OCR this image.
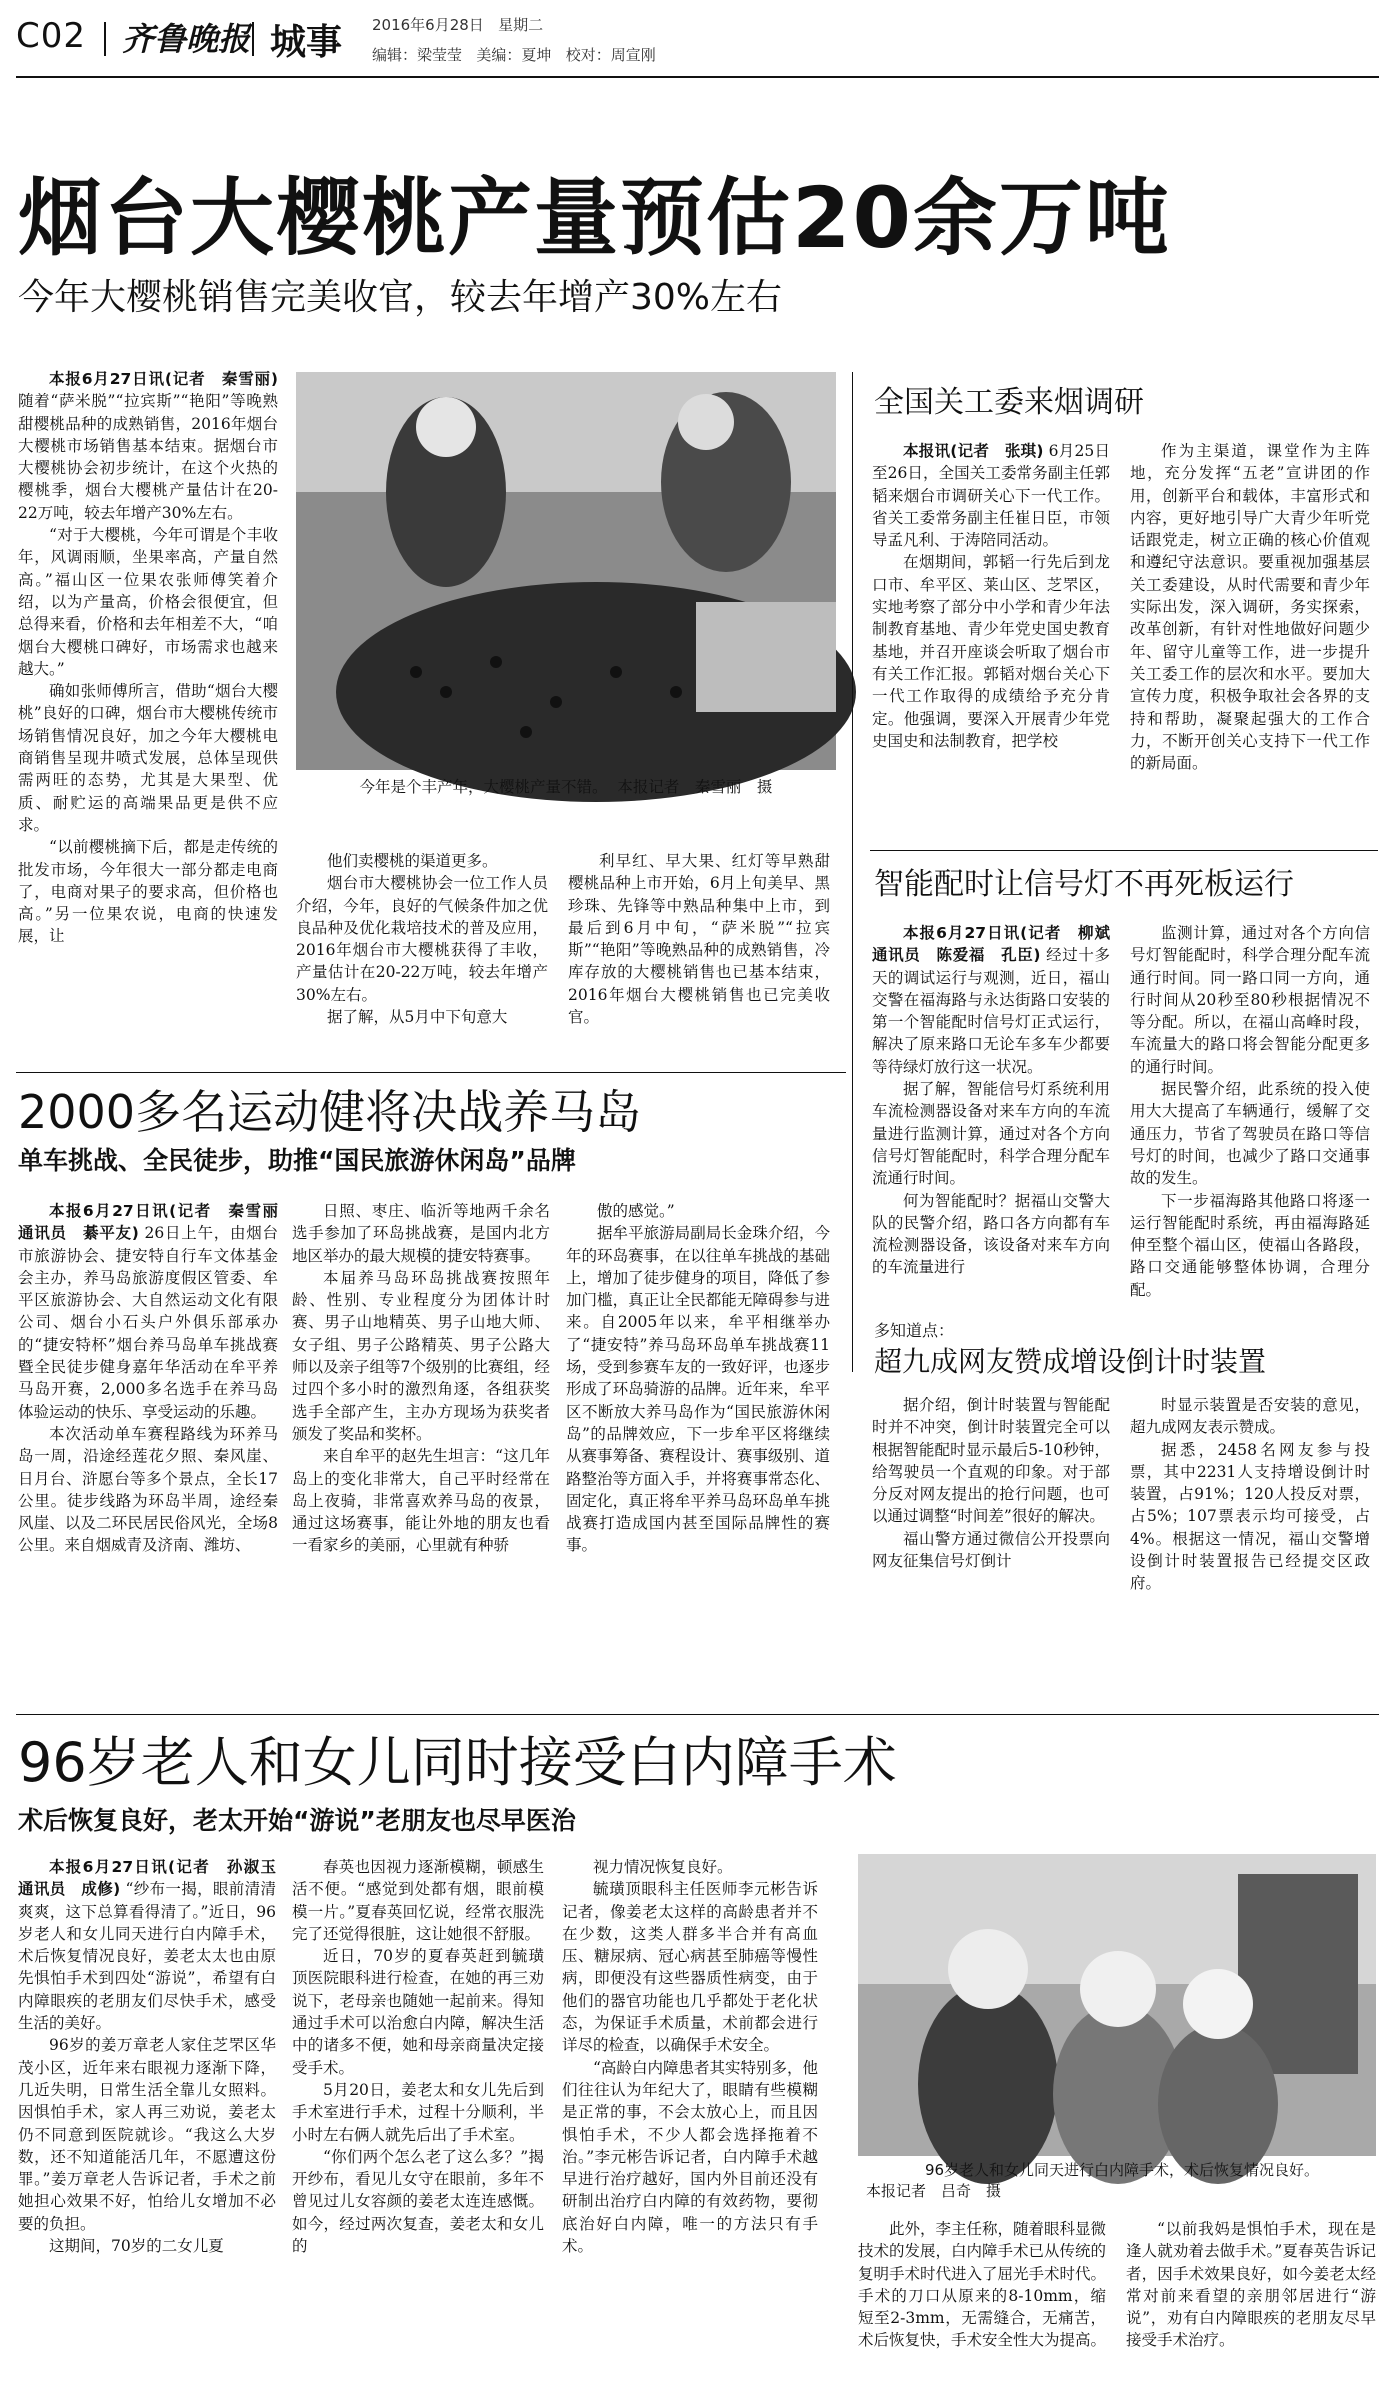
C02 齐鲁晚报 城事 2016年6月28日 星期二
编辑：梁莹莹 美编：夏坤 校对：周宣刚
烟台大樱桃产量预估20余万吨
今年大樱桃销售完美收官，较去年增产30%左右

本报6月27日讯(记者　秦雪丽) 随着“萨米脱”“拉宾斯”“艳阳”等晚熟甜樱桃品种的成熟销售，2016年烟台大樱桃市场销售基本结束。据烟台市大樱桃协会初步统计，在这个火热的樱桃季，烟台大樱桃产量估计在20-22万吨，较去年增产30%左右。

“对于大樱桃，今年可谓是个丰收年，风调雨顺，坐果率高，产量自然高。”福山区一位果农张师傅笑着介绍，以为产量高，价格会很便宜，但总得来看，价格和去年相差不大，“咱烟台大樱桃口碑好，市场需求也越来越大。”

确如张师傅所言，借助“烟台大樱桃”良好的口碑，烟台市大樱桃传统市场销售情况良好，加之今年大樱桃电商销售呈现井喷式发展，总体呈现供需两旺的态势，尤其是大果型、优质、耐贮运的高端果品更是供不应求。

“以前樱桃摘下后，都是走传统的批发市场，今年很大一部分都走电商了，电商对果子的要求高，但价格也高。”另一位果农说，电商的快速发展，让

今年是个丰产年，大樱桃产量不错。 本报记者　秦雪丽　摄

他们卖樱桃的渠道更多。

烟台市大樱桃协会一位工作人员介绍，今年，良好的气候条件加之优良品种及优化栽培技术的普及应用，2016年烟台市大樱桃获得了丰收，产量估计在20-22万吨，较去年增产30%左右。

据了解，从5月中下旬意大

利早红、早大果、红灯等早熟甜樱桃品种上市开始，6月上旬美早、黑珍珠、先锋等中熟品种集中上市，到最后到6月中旬，“萨米脱”“拉宾斯”“艳阳”等晚熟品种的成熟销售，冷库存放的大樱桃销售也已基本结束，2016年烟台大樱桃销售也已完美收官。

全国关工委来烟调研

本报讯(记者　张琪) 6月25日至26日，全国关工委常务副主任郭韬来烟台市调研关心下一代工作。省关工委常务副主任崔日臣，市领导孟凡利、于涛陪同活动。

在烟期间，郭韬一行先后到龙口市、牟平区、莱山区、芝罘区，实地考察了部分中小学和青少年法制教育基地、青少年党史国史教育基地，并召开座谈会听取了烟台市有关工作汇报。郭韬对烟台关心下一代工作取得的成绩给予充分肯定。他强调，要深入开展青少年党史国史和法制教育，把学校

作为主渠道，课堂作为主阵地，充分发挥“五老”宣讲团的作用，创新平台和载体，丰富形式和内容，更好地引导广大青少年听党话跟党走，树立正确的核心价值观和遵纪守法意识。要重视加强基层关工委建设，从时代需要和青少年实际出发，深入调研，务实探索，改革创新，有针对性地做好问题少年、留守儿童等工作，进一步提升关工委工作的层次和水平。要加大宣传力度，积极争取社会各界的支持和帮助，凝聚起强大的工作合力，不断开创关心支持下一代工作的新局面。

智能配时让信号灯不再死板运行

本报6月27日讯(记者　柳斌　通讯员　陈爱福　孔臣) 经过十多天的调试运行与观测，近日，福山交警在福海路与永达街路口安装的第一个智能配时信号灯正式运行，解决了原来路口无论车多车少都要等待绿灯放行这一状况。

据了解，智能信号灯系统利用车流检测器设备对来车方向的车流量进行监测计算，通过对各个方向信号灯智能配时，科学合理分配车流通行时间。

何为智能配时？据福山交警大队的民警介绍，路口各方向都有车流检测器设备，该设备对来车方向的车流量进行

监测计算，通过对各个方向信号灯智能配时，科学合理分配车流通行时间。同一路口同一方向，通行时间从20秒至80秒根据情况不等分配。所以，在福山高峰时段，车流量大的路口将会智能分配更多的通行时间。

据民警介绍，此系统的投入使用大大提高了车辆通行，缓解了交通压力，节省了驾驶员在路口等信号灯的时间，也减少了路口交通事故的发生。

下一步福海路其他路口将逐一运行智能配时系统，再由福海路延伸至整个福山区，使福山各路段，路口交通能够整体协调，合理分配。

多知道点：
超九成网友赞成增设倒计时装置

据介绍，倒计时装置与智能配时并不冲突，倒计时装置完全可以根据智能配时显示最后5-10秒钟，给驾驶员一个直观的印象。对于部分反对网友提出的抢行问题，也可以通过调整“时间差”很好的解决。

福山警方通过微信公开投票向网友征集信号灯倒计

时显示装置是否安装的意见，超九成网友表示赞成。

据悉，2458名网友参与投票，其中2231人支持增设倒计时装置，占91%；120人投反对票，占5%；107票表示均可接受，占4%。根据这一情况，福山交警增设倒计时装置报告已经提交区政府。

2000多名运动健将决战养马岛
单车挑战、全民徒步，助推“国民旅游休闲岛”品牌

本报6月27日讯(记者　秦雪丽　通讯员　綦平友) 26日上午，由烟台市旅游协会、捷安特自行车文体基金会主办，养马岛旅游度假区管委、牟平区旅游协会、大自然运动文化有限公司、烟台小石头户外俱乐部承办的“捷安特杯”烟台养马岛单车挑战赛暨全民徒步健身嘉年华活动在牟平养马岛开赛，2,000多名选手在养马岛体验运动的快乐、享受运动的乐趣。

本次活动单车赛程路线为环养马岛一周，沿途经莲花夕照、秦风崖、日月台、浒愿台等多个景点，全长17公里。徒步线路为环岛半周，途经秦风崖、以及二环民居民俗风光，全场8公里。来自烟威青及济南、潍坊、

日照、枣庄、临沂等地两千余名选手参加了环岛挑战赛，是国内北方地区举办的最大规模的捷安特赛事。

本届养马岛环岛挑战赛按照年龄、性别、专业程度分为团体计时赛、男子山地精英、男子山地大师、女子组、男子公路精英、男子公路大师以及亲子组等7个级别的比赛组，经过四个多小时的激烈角逐，各组获奖选手全部产生，主办方现场为获奖者颁发了奖品和奖杯。

来自牟平的赵先生坦言：“这几年岛上的变化非常大，自己平时经常在岛上夜骑，非常喜欢养马岛的夜景，通过这场赛事，能让外地的朋友也看一看家乡的美丽，心里就有种骄

傲的感觉。”

据牟平旅游局副局长金珠介绍，今年的环岛赛事，在以往单车挑战的基础上，增加了徒步健身的项目，降低了参加门槛，真正让全民都能无障碍参与进来。自2005年以来，牟平相继举办了“捷安特”养马岛环岛单车挑战赛11场，受到参赛车友的一致好评，也逐步形成了环岛骑游的品牌。近年来，牟平区不断放大养马岛作为“国民旅游休闲岛”的品牌效应，下一步牟平区将继续从赛事筹备、赛程设计、赛事级别、道路整治等方面入手，并将赛事常态化、固定化，真正将牟平养马岛环岛单车挑战赛打造成国内甚至国际品牌性的赛事。

96岁老人和女儿同时接受白内障手术
术后恢复良好，老太开始“游说”老朋友也尽早医治

本报6月27日讯(记者　孙淑玉　通讯员　成修) “纱布一揭，眼前清清爽爽，这下总算看得清了。”近日，96岁老人和女儿同天进行白内障手术，术后恢复情况良好，姜老太太也由原先惧怕手术到四处“游说”，希望有白内障眼疾的老朋友们尽快手术，感受生活的美好。

96岁的姜万章老人家住芝罘区华茂小区，近年来右眼视力逐渐下降，几近失明，日常生活全靠儿女照料。因惧怕手术，家人再三劝说，姜老太仍不同意到医院就诊。“我这么大岁数，还不知道能活几年，不愿遭这份罪。”姜万章老人告诉记者，手术之前她担心效果不好，怕给儿女增加不必要的负担。

这期间，70岁的二女儿夏

春英也因视力逐渐模糊，顿感生活不便。“感觉到处都有烟，眼前模模一片。”夏春英回忆说，经常衣服洗完了还觉得很脏，这让她很不舒服。

近日，70岁的夏春英赶到毓璜顶医院眼科进行检查，在她的再三劝说下，老母亲也随她一起前来。得知通过手术可以治愈白内障，解决生活中的诸多不便，她和母亲商量决定接受手术。

5月20日，姜老太和女儿先后到手术室进行手术，过程十分顺利，半小时左右俩人就先后出了手术室。

“你们两个怎么老了这么多？”揭开纱布，看见儿女守在眼前，多年不曾见过儿女容颜的姜老太连连感慨。如今，经过两次复查，姜老太和女儿的

视力情况恢复良好。

毓璜顶眼科主任医师李元彬告诉记者，像姜老太这样的高龄患者并不在少数，这类人群多半合并有高血压、糖尿病、冠心病甚至肺癌等慢性病，即便没有这些器质性病变，由于他们的器官功能也几乎都处于老化状态，为保证手术质量，术前都会进行详尽的检查，以确保手术安全。

“高龄白内障患者其实特别多，他们往往认为年纪大了，眼睛有些模糊是正常的事，不会太放心上，而且因惧怕手术，不少人都会选择拖着不治。”李元彬告诉记者，白内障手术越早进行治疗越好，国内外目前还没有研制出治疗白内障的有效药物，要彻底治好白内障，唯一的方法只有手术。

96岁老人和女儿同天进行白内障手术，术后恢复情况良好。
本报记者　吕奇　摄

此外，李主任称，随着眼科显微技术的发展，白内障手术已从传统的复明手术时代进入了屈光手术时代。手术的刀口从原来的8-10mm，缩短至2-3mm，无需缝合，无痛苦，术后恢复快，手术安全性大为提高。

“以前我妈是惧怕手术，现在是逢人就劝着去做手术。”夏春英告诉记者，因手术效果良好，如今姜老太经常对前来看望的亲朋邻居进行“游说”，劝有白内障眼疾的老朋友尽早接受手术治疗。
